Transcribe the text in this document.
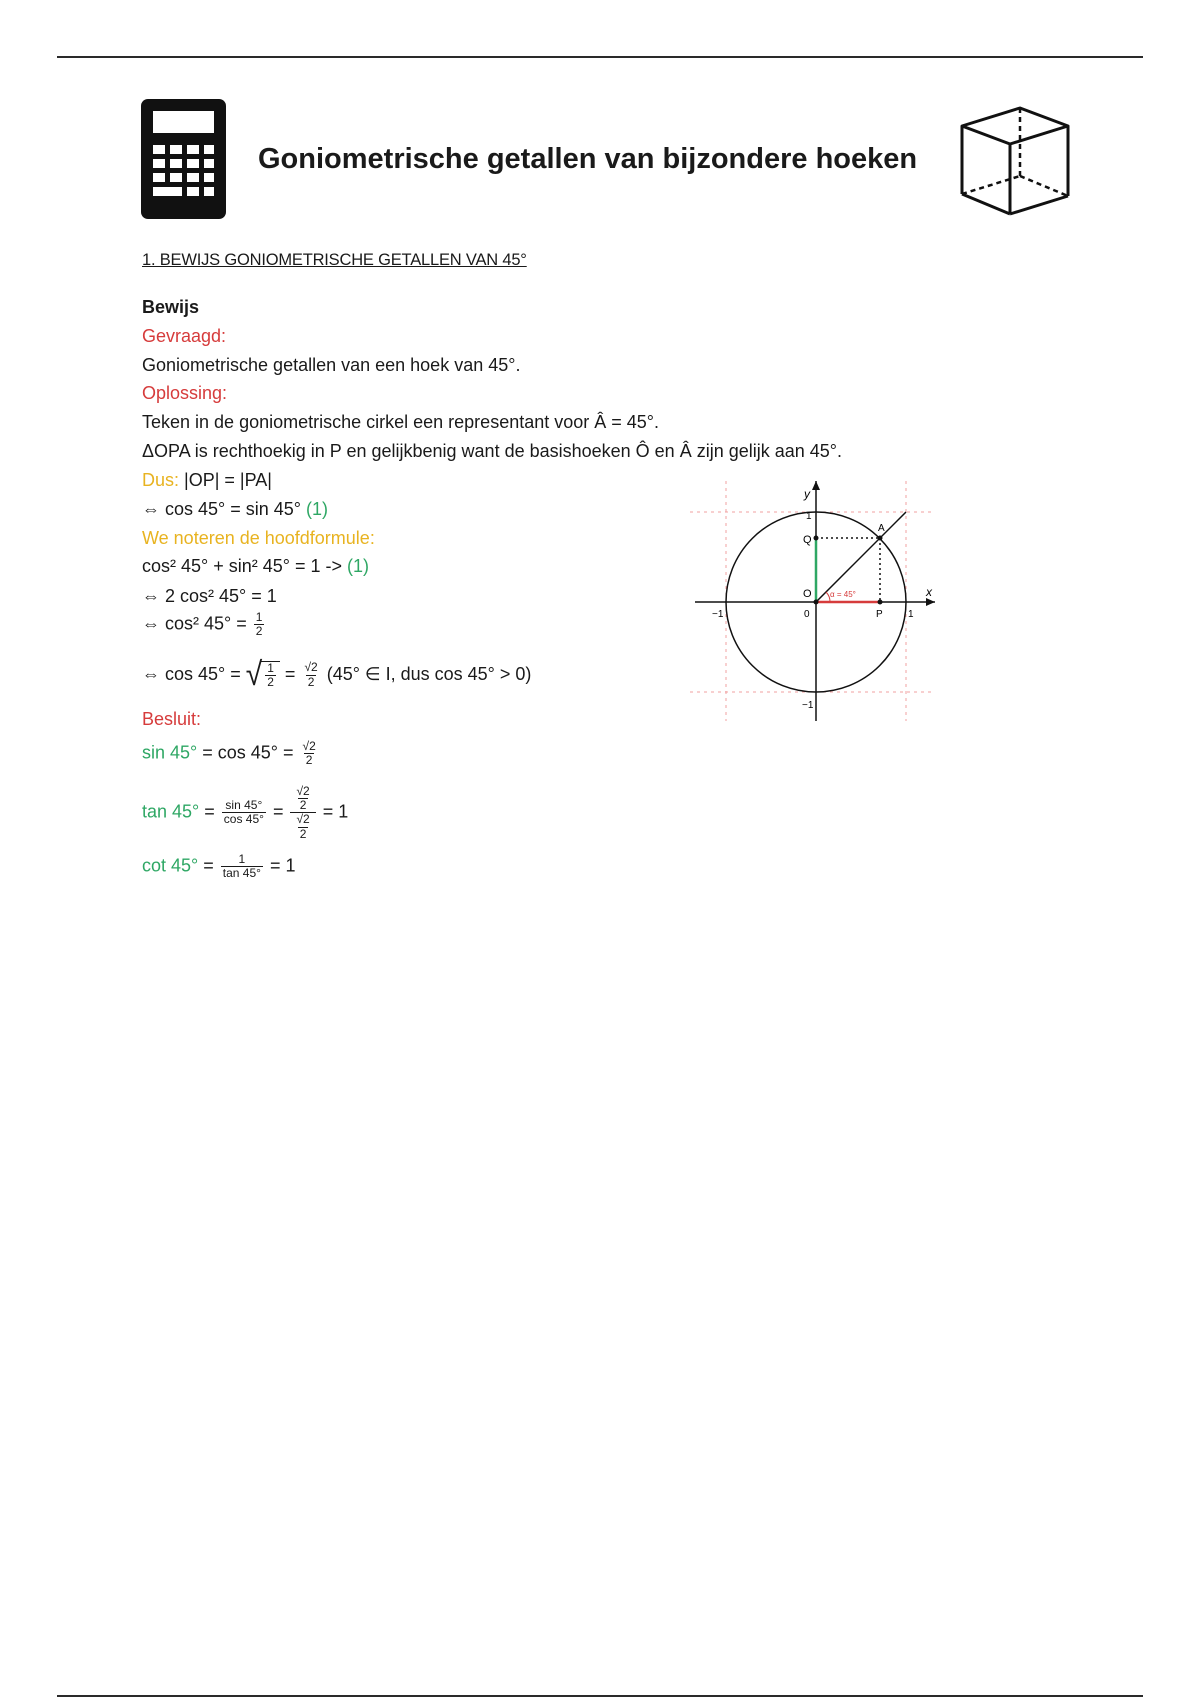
Goniometrische getallen van bijzondere hoeken
1. BEWIJS GONIOMETRISCHE GETALLEN VAN 45°
Bewijs
Gevraagd:
Goniometrische getallen van een hoek van 45°.
Oplossing:
Teken in de goniometrische cirkel een representant voor Â = 45°.
ΔOPA is rechthoekig in P en gelijkbenig want de basishoeken Ô en Â zijn gelijk aan 45°.
Dus: |OP| = |PA|
⇔ cos 45° = sin 45° (1)
We noteren de hoofdformule:
cos² 45° + sin² 45° = 1 -> (1)
⇔ 2 cos² 45° = 1
⇔ cos² $45^\circ = \frac{1}{2}$
⇔ cos 45° = √ $\frac{1}{2} = \frac{√2}{2} (45^\circ$ ∈ I, dus cos 45° > 0)
Besluit:
$\sin 45^\circ = \cos 45^\circ = \frac{√2}{2}$
$\tan 45^\circ = \frac{\sin 45^\circ}{\cos 45^\circ} = \frac{\frac{√2}{2}}{\frac{√2}{2}} = 1$
$\cot 45^\circ = \frac{1}{\tan 45^\circ} = 1$
y
x
1
−1
−1	1
Q
A
O
0	P
α = 45°
